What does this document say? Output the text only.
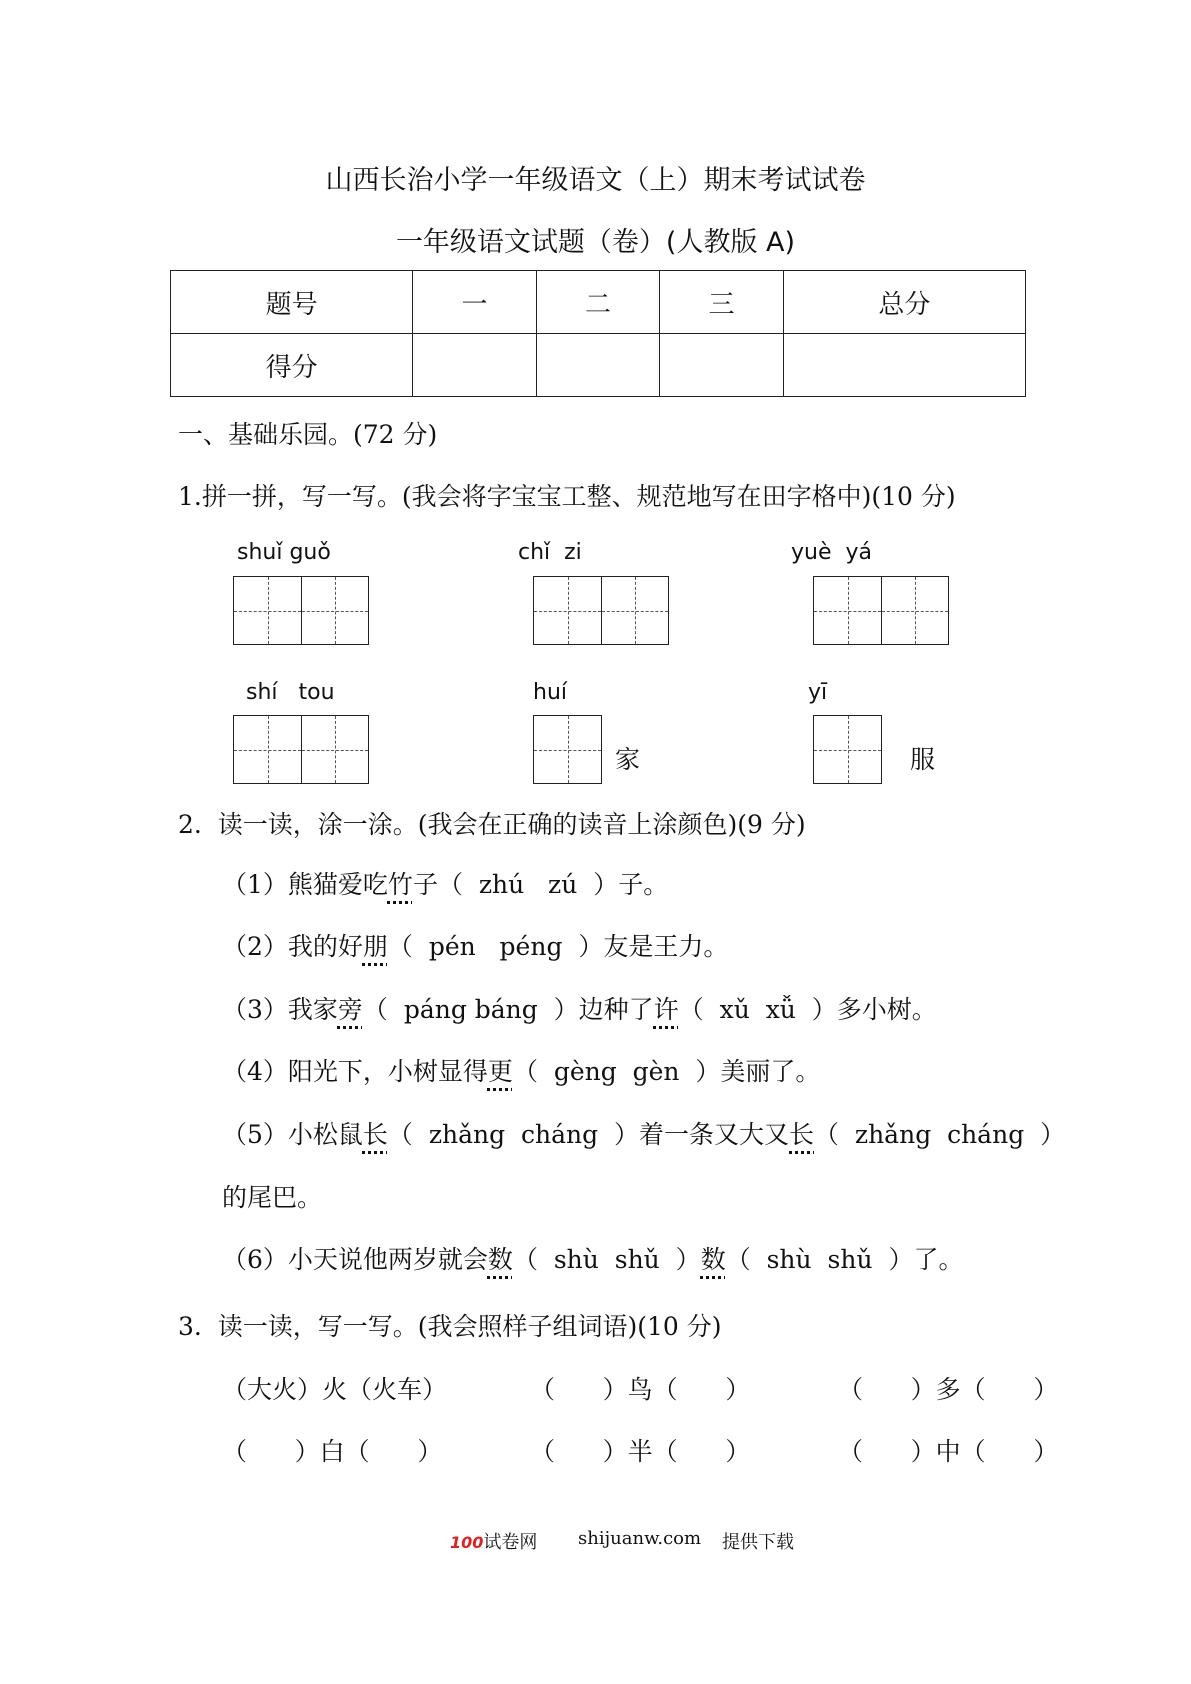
山西长治小学一年级语文（上）期末考试试卷
一年级语文试题（卷）(人教版 A)
题号	一	二	三	总分
得分				
一、基础乐园。(72 分)
1.拼一拼，写一写。(我会将字宝宝工整、规范地写在田字格中)(10 分)
shuǐ guǒ	chǐ  zi	yuè  yá
shí   tou	huí
家
yī
服
2.  读一读，涂一涂。(我会在正确的读音上涂颜色)(9 分)
（1）熊猫爱吃竹子（  zhú   zú  ）子。
（2）我的好朋（  pén   péng  ）友是王力。
（3）我家旁（  páng báng  ）边种了许（  xǔ  xǚ  ）多小树。
（4）阳光下，小树显得更（  gèng  gèn  ）美丽了。
（5）小松鼠长（  zhǎng  cháng  ）着一条又大又长（  zhǎng  cháng  ）
的尾巴。
（6）小天说他两岁就会数（  shù  shǔ  ）数（  shù  shǔ  ）了。
3.  读一读，写一写。(我会照样子组词语)(10 分)
（大火）火（火车）	（      ）鸟（      ）	（      ）多（      ）
（      ）白（      ）	（      ）半（      ）	（      ）中（      ）
100试卷网 shijuanw.com 提供下载
